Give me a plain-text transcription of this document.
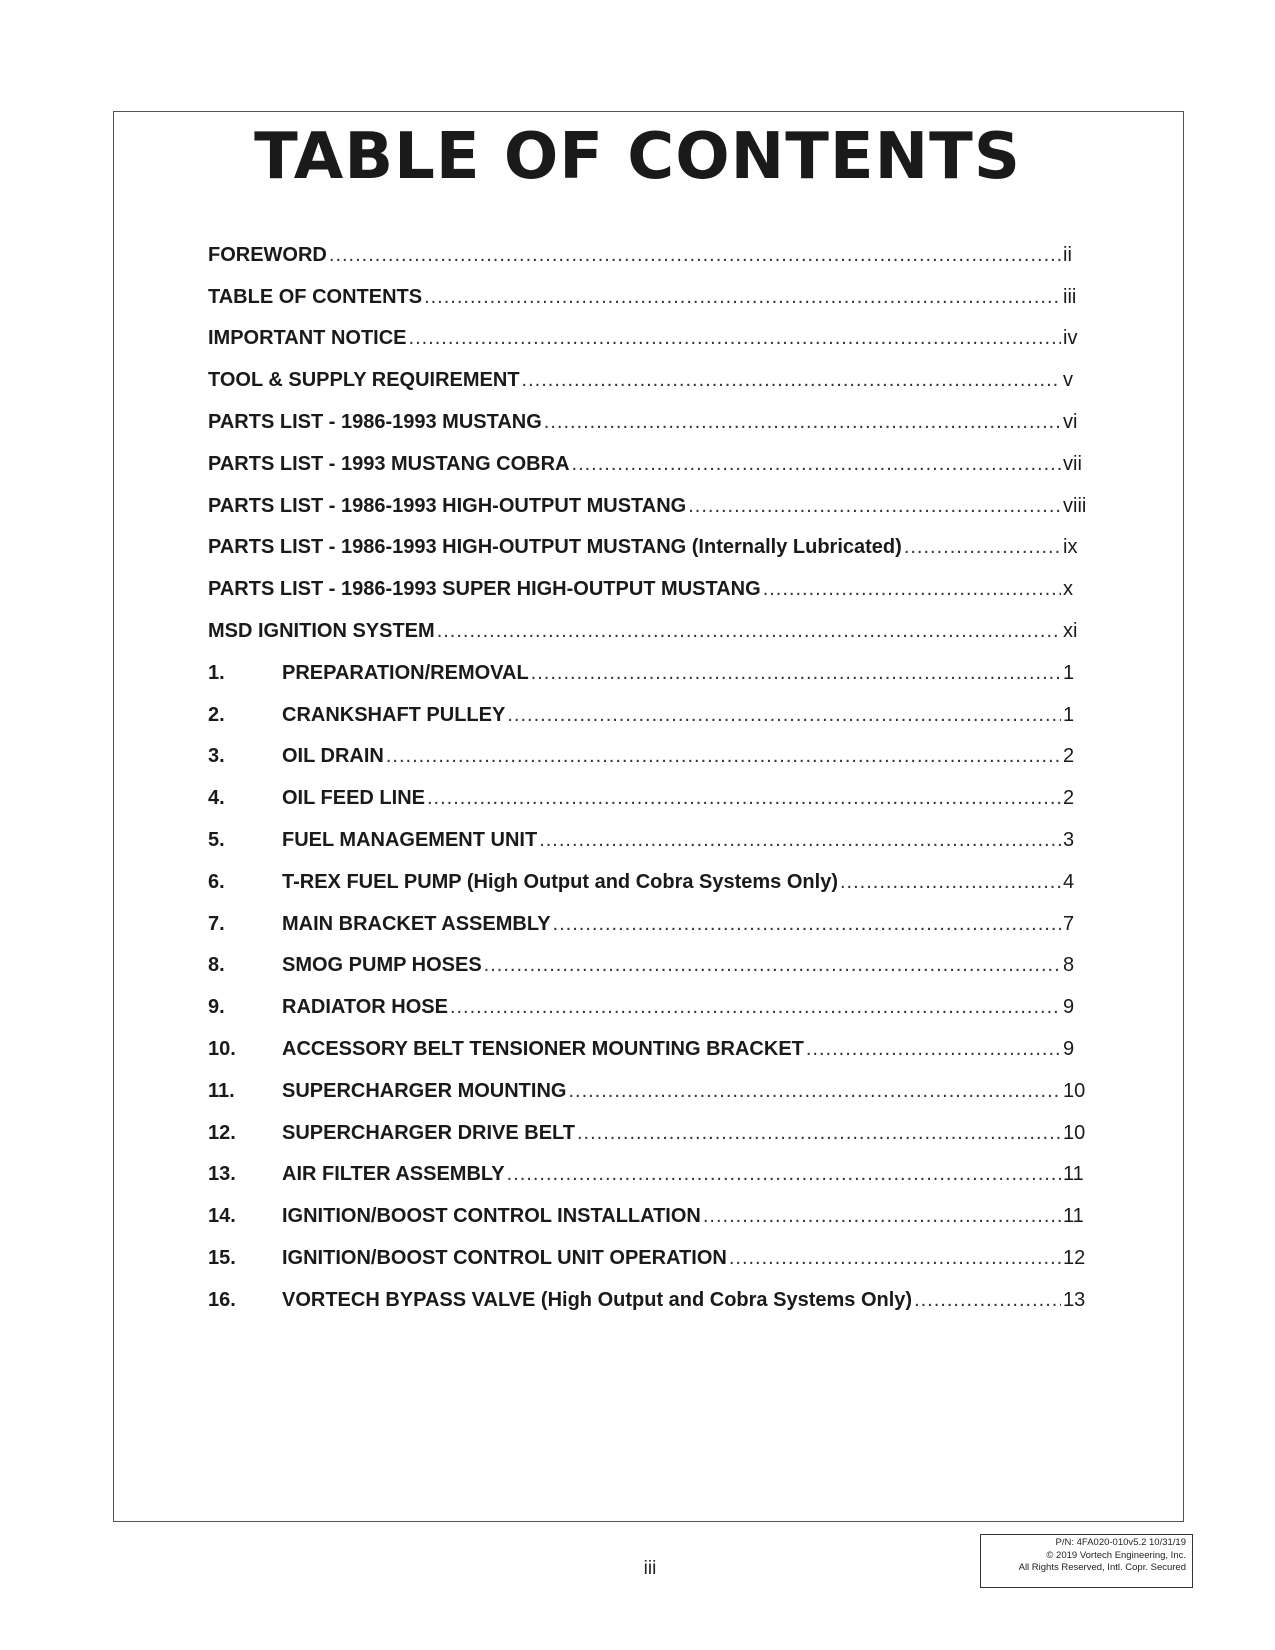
TABLE OF CONTENTS
FOREWORD .....	ii
TABLE OF CONTENTS .....	iii
IMPORTANT NOTICE .....	iv
TOOL & SUPPLY REQUIREMENT .....	v
PARTS LIST - 1986-1993 MUSTANG .....	vi
PARTS LIST - 1993 MUSTANG COBRA .....	vii
PARTS LIST - 1986-1993 HIGH-OUTPUT MUSTANG .....	viii
PARTS LIST - 1986-1993 HIGH-OUTPUT MUSTANG (Internally Lubricated) .....	ix
PARTS LIST - 1986-1993 SUPER HIGH-OUTPUT MUSTANG .....	x
MSD IGNITION SYSTEM .....	xi
1.	PREPARATION/REMOVAL .....	1
2.	CRANKSHAFT PULLEY .....	1
3.	OIL DRAIN .....	2
4.	OIL FEED LINE .....	2
5.	FUEL MANAGEMENT UNIT .....	3
6.	T-REX FUEL PUMP (High Output and Cobra Systems Only) .....	4
7.	MAIN BRACKET ASSEMBLY .....	7
8.	SMOG PUMP HOSES .....	8
9.	RADIATOR HOSE .....	9
10.	ACCESSORY BELT TENSIONER MOUNTING BRACKET .....	9
11.	SUPERCHARGER MOUNTING .....	10
12.	SUPERCHARGER DRIVE BELT .....	10
13.	AIR FILTER ASSEMBLY .....	11
14.	IGNITION/BOOST CONTROL INSTALLATION .....	11
15.	IGNITION/BOOST CONTROL UNIT OPERATION .....	12
16.	VORTECH BYPASS VALVE (High Output and Cobra Systems Only) .....	13
iii
P/N: 4FA020-010v5.2 10/31/19
© 2019 Vortech Engineering, Inc.
All Rights Reserved, Intl. Copr. Secured
